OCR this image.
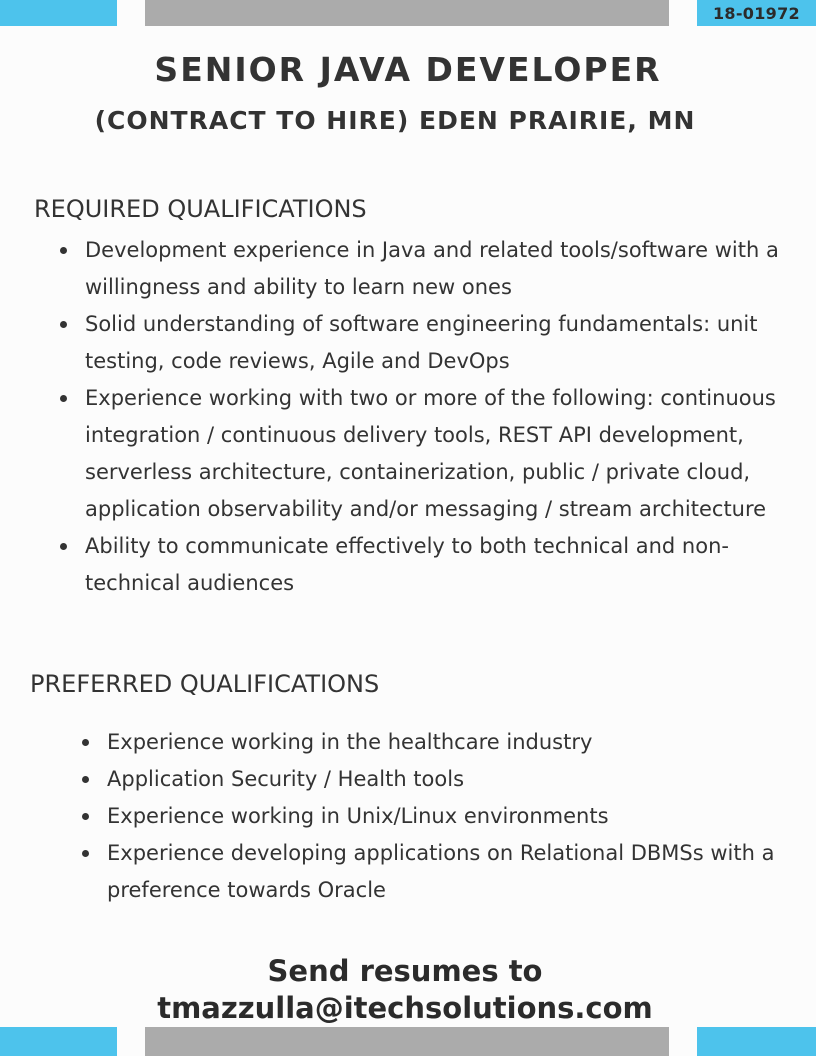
18-01972
SENIOR JAVA DEVELOPER
(CONTRACT TO HIRE) EDEN PRAIRIE, MN
REQUIRED QUALIFICATIONS
Development experience in Java and related tools/software with a willingness and ability to learn new ones
Solid understanding of software engineering fundamentals: unit testing, code reviews, Agile and DevOps
Experience working with two or more of the following: continuous integration / continuous delivery tools, REST API development, serverless architecture, containerization, public / private cloud, application observability and/or messaging / stream architecture
Ability to communicate effectively to both technical and non-technical audiences
PREFERRED QUALIFICATIONS
Experience working in the healthcare industry
Application Security / Health tools
Experience working in Unix/Linux environments
Experience developing applications on Relational DBMSs with a preference towards Oracle
Send resumes to
tmazzulla@itechsolutions.com
